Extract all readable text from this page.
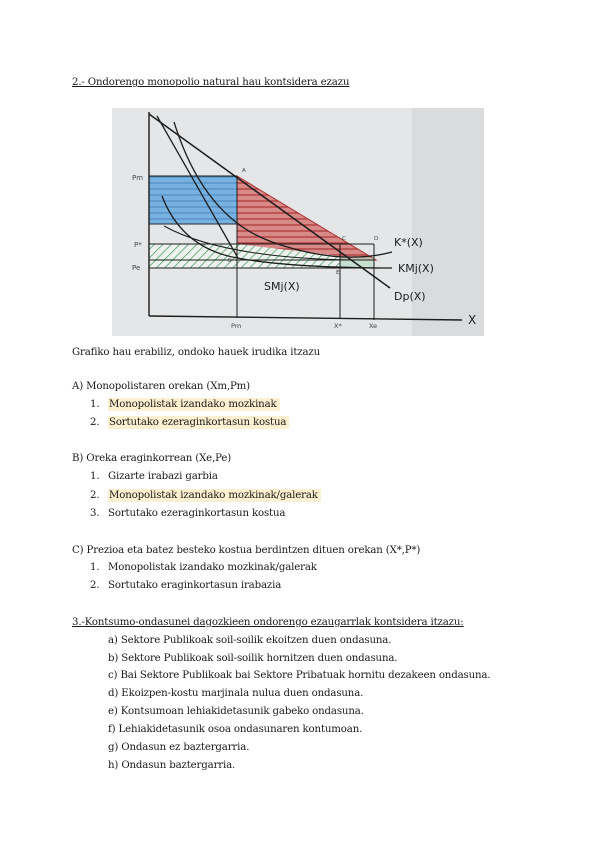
2.- Ondorengo monopolio natural hau kontsidera ezazu
Pm
P*
Pe
A
B
C	D
E
K*(X)
KMj(X)
SMj(X)
Dp(X)
X
Pm	X*	Xe
Grafiko hau erabiliz, ondoko hauek irudika itzazu
A) Monopolistaren orekan (Xm,Pm)
1. Monopolistak izandako mozkinak
2. Sortutako ezeraginkortasun kostua
B) Oreka eraginkorrean (Xe,Pe)
1. Gizarte irabazi garbia
2. Monopolistak izandako mozkinak/galerak
3. Sortutako ezeraginkortasun kostua
C) Prezioa eta batez besteko kostua berdintzen dituen orekan (X*,P*)
1. Monopolistak izandako mozkinak/galerak
2. Sortutako eraginkortasun irabazia
3.-Kontsumo-ondasunei dagozkieen ondorengo ezaugarrlak kontsidera itzazu:
a) Sektore Publikoak soil-soilik ekoitzen duen ondasuna.
b) Sektore Publikoak soil-soilik hornitzen duen ondasuna.
c) Bai Sektore Publikoak bai Sektore Pribatuak hornitu dezakeen ondasuna.
d) Ekoizpen-kostu marjinala nulua duen ondasuna.
e) Kontsumoan lehiakidetasunik gabeko ondasuna.
f) Lehiakidetasunik osoa ondasunaren kontumoan.
g) Ondasun ez baztergarria.
h) Ondasun baztergarria.
